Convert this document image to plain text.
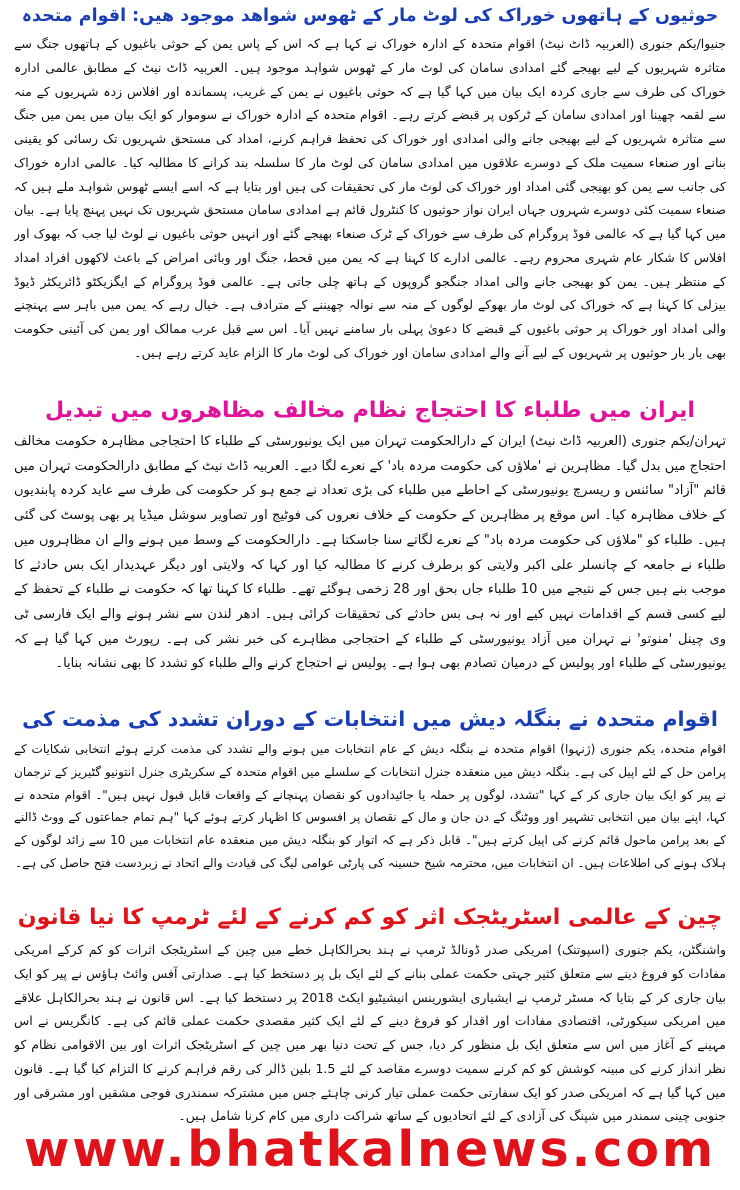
حوثیوں کے ہاتھوں خوراک کی لوٹ مار کے ٹھوس شواھد موجود ھیں: اقوام متحدہ

جنیوا/یکم جنوری (العربیہ ڈاٹ نیٹ) اقوام متحدہ کے ادارہ خوراک نے کہا ہے کہ اس کے پاس یمن کے حوثی باغیوں کے ہاتھوں جنگ سے متاثرہ شہریوں کے لیے بھیجے گئے امدادی سامان کی لوٹ مار کے ٹھوس شواہد موجود ہیں۔ العربیہ ڈاٹ نیٹ کے مطابق عالمی ادارہ خوراک کی طرف سے جاری کردہ ایک بیان میں کہا گیا ہے کہ حوثی باغیوں نے یمن کے غریب، پسماندہ اور افلاس زدہ شہریوں کے منہ سے لقمہ چھینا اور امدادی سامان کے ٹرکوں پر قبضے کرتے رہے۔ اقوام متحدہ کے ادارہ خوراک نے سوموار کو ایک بیان میں یمن میں جنگ سے متاثرہ شہریوں کے لیے بھیجی جانے والی امدادی اور خوراک کی تحفظ فراہم کرنے، امداد کی مستحق شہریوں تک رسائی کو یقینی بنانے اور صنعاء سمیت ملک کے دوسرے علاقوں میں امدادی سامان کی لوٹ مار کا سلسلہ بند کرانے کا مطالبہ کیا۔ عالمی ادارہ خوراک کی جانب سے یمن کو بھیجی گئی امداد اور خوراک کی لوٹ مار کی تحقیقات کی ہیں اور بتایا ہے کہ اسے ایسے ٹھوس شواہد ملے ہیں کہ صنعاء سمیت کئی دوسرے شہروں جہاں ایران نواز حوثیوں کا کنٹرول قائم ہے امدادی سامان مستحق شہریوں تک نہیں پہنچ پایا ہے۔ بیان میں کہا گیا ہے کہ عالمی فوڈ پروگرام کی طرف سے خوراک کے ٹرک صنعاء بھیجے گئے اور انہیں حوثی باغیوں نے لوٹ لیا جب کہ بھوک اور افلاس کا شکار عام شہری محروم رہے۔ عالمی ادارے کا کہنا ہے کہ یمن میں قحط، جنگ اور وبائی امراض کے باعث لاکھوں افراد امداد کے منتظر ہیں۔ یمن کو بھیجی جانے والی امداد جنگجو گروپوں کے ہاتھ چلی جاتی ہے۔ عالمی فوڈ پروگرام کے ایگزیکٹو ڈائریکٹر ڈیوڈ بیزلی کا کہنا ہے کہ خوراک کی لوٹ مار بھوکے لوگوں کے منہ سے نوالہ چھیننے کے مترادف ہے۔ خیال رہے کہ یمن میں باہر سے پہنچنے والی امداد اور خوراک پر حوثی باغیوں کے قبضے کا دعویٰ پہلی بار سامنے نہیں آیا۔ اس سے قبل عرب ممالک اور یمن کی آئینی حکومت بھی بار بار حوثیوں پر شہریوں کے لیے آنے والے امدادی سامان اور خوراک کی لوٹ مار کا الزام عاید کرتے رہے ہیں۔

ایران میں طلباء کا احتجاج نظام مخالف مظاھروں میں تبدیل

تہران/یکم جنوری (العربیہ ڈاٹ نیٹ) ایران کے دارالحکومت تہران میں ایک یونیورسٹی کے طلباء کا احتجاجی مظاہرہ حکومت مخالف احتجاج میں بدل گیا۔ مظاہرین نے 'ملاؤں کی حکومت مردہ باد' کے نعرے لگا دیے۔ العربیہ ڈاٹ نیٹ کے مطابق دارالحکومت تہران میں قائم "آزاد" سائنس و ریسرچ یونیورسٹی کے احاطے میں طلباء کی بڑی تعداد نے جمع ہو کر حکومت کی طرف سے عاید کردہ پابندیوں کے خلاف مظاہرہ کیا۔ اس موقع پر مظاہرین کے حکومت کے خلاف نعروں کی فوٹیج اور تصاویر سوشل میڈیا پر بھی پوسٹ کی گئی ہیں۔ طلباء کو "ملاؤں کی حکومت مردہ باد" کے نعرے لگاتے سنا جاسکتا ہے۔ دارالحکومت کے وسط میں ہونے والے ان مظاہروں میں طلباء نے جامعہ کے چانسلر علی اکبر ولایتی کو برطرف کرنے کا مطالبہ کیا اور کہا کہ ولایتی اور دیگر عہدیدار ایک بس حادثے کا موجب بنے ہیں جس کے نتیجے میں 10 طلباء جاں بحق اور 28 زخمی ہوگئے تھے۔ طلباء کا کہنا تھا کہ حکومت نے طلباء کے تحفظ کے لیے کسی قسم کے اقدامات نہیں کیے اور نہ ہی بس حادثے کی تحقیقات کرائی ہیں۔ ادھر لندن سے نشر ہونے والے ایک فارسی ٹی وی چینل 'منوتو' نے تہران میں آزاد یونیورسٹی کے طلباء کے احتجاجی مظاہرے کی خبر نشر کی ہے۔ رپورٹ میں کہا گیا ہے کہ یونیورسٹی کے طلباء اور پولیس کے درمیان تصادم بھی ہوا ہے۔ پولیس نے احتجاج کرنے والے طلباء کو تشدد کا بھی نشانہ بنایا۔

اقوام متحدہ نے بنگلہ دیش میں انتخابات کے دوران تشدد کی مذمت کی

اقوام متحدہ، یکم جنوری (ژنہوا) اقوام متحدہ نے بنگلہ دیش کے عام انتخابات میں ہونے والے تشدد کی مذمت کرتے ہوئے انتخابی شکایات کے پرامن حل کے لئے اپیل کی ہے۔ بنگلہ دیش میں منعقدہ جنرل انتخابات کے سلسلے میں اقوام متحدہ کے سکریٹری جنرل انتونیو گٹیریز کے ترجمان نے پیر کو ایک بیان جاری کر کے کہا "تشدد، لوگوں پر حملہ یا جائیدادوں کو نقصان پہنچانے کے واقعات قابل قبول نہیں ہیں"۔ اقوام متحدہ نے کہا، اپنے بیان میں انتخابی تشہیر اور ووٹنگ کے دن جان و مال کے نقصان پر افسوس کا اظہار کرتے ہوئے کہا "ہم تمام جماعتوں کے ووٹ ڈالنے کے بعد پرامن ماحول قائم کرنے کی اپیل کرتے ہیں"۔ قابل ذکر ہے کہ اتوار کو بنگلہ دیش میں منعقدہ عام انتخابات میں 10 سے زائد لوگوں کے ہلاک ہونے کی اطلاعات ہیں۔ ان انتخابات میں، محترمہ شیخ حسینہ کی پارٹی عوامی لیگ کی قیادت والے اتحاد نے زبردست فتح حاصل کی ہے۔

چین کے عالمی اسٹریٹجک اثر کو کم کرنے کے لئے ٹرمپ کا نیا قانون

واشنگٹن، یکم جنوری (اسپوتنک) امریکی صدر ڈونالڈ ٹرمپ نے ہند بحرالکاہل خطے میں چین کے اسٹریٹجک اثرات کو کم کرکے امریکی مفادات کو فروغ دینے سے متعلق کثیر جہتی حکمت عملی بنانے کے لئے ایک بل پر دستخط کیا ہے۔ صدارتی آفس وائٹ ہاؤس نے پیر کو ایک بیان جاری کر کے بتایا کہ مسٹر ٹرمپ نے ایشیاری ایشورینس انیشیٹیو ایکٹ 2018 پر دستخط کیا ہے۔ اس قانون نے ہند بحرالکاہل علاقے میں امریکی سیکورٹی، اقتصادی مفادات اور اقدار کو فروغ دینے کے لئے ایک کثیر مقصدی حکمت عملی قائم کی ہے۔ کانگریس نے اس مہینے کے آغاز میں اس سے متعلق ایک بل منظور کر دیا، جس کے تحت دنیا بھر میں چین کے اسٹریٹجک اثرات اور بین الاقوامی نظام کو نظر انداز کرنے کی مبینہ کوشش کو کم کرنے سمیت دوسرے مقاصد کے لئے 1.5 بلین ڈالر کی رقم فراہم کرنے کا التزام کیا گیا ہے۔ قانون میں کہا گیا ہے کہ امریکی صدر کو ایک سفارتی حکمت عملی تیار کرنی چاہئے جس میں مشترکہ سمندری فوجی مشقیں اور مشرقی اور جنوبی چینی سمندر میں شپنگ کی آزادی کے لئے اتحادیوں کے ساتھ شراکت داری میں کام کرنا شامل ہیں۔

www.bhatkalnews.com
